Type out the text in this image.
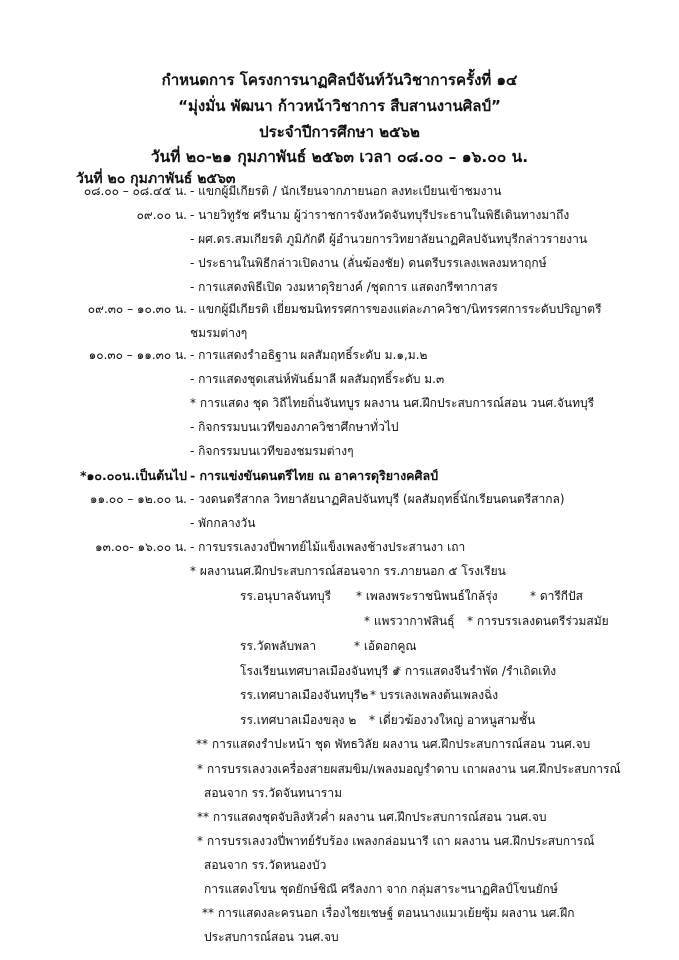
กำหนดการ โครงการนาฏศิลป์จันท์วันวิชาการครั้งที่ ๑๔
“มุ่งมั่น พัฒนา ก้าวหน้าวิชาการ สืบสานงานศิลป์”
ประจำปีการศึกษา ๒๕๖๒
วันที่ ๒๐-๒๑ กุมภาพันธ์ ๒๕๖๓ เวลา ๐๘.๐๐ – ๑๖.๐๐ น.
วันที่ ๒๐ กุมภาพันธ์ ๒๕๖๓
๐๘.๐๐ – ๐๘.๔๕ น. - แขกผู้มีเกียรติ / นักเรียนจากภายนอก ลงทะเบียนเข้าชมงาน
๐๙.๐๐ น. - นายวิทูรัช ศรีนาม ผู้ว่าราชการจังหวัดจันทบุรีประธานในพิธีเดินทางมาถึง
- ผศ.ดร.สมเกียรติ ภูมิภักดี ผู้อำนวยการวิทยาลัยนาฏศิลปจันทบุรีกล่าวรายงาน
- ประธานในพิธีกล่าวเปิดงาน (ลั่นฆ้องชัย) ดนตรีบรรเลงเพลงมหาฤกษ์
- การแสดงพิธีเปิด วงมหาดุริยางค์ /ชุดการ แสดงกรีฑากาสร
๐๙.๓๐ – ๑๐.๓๐ น. - แขกผู้มีเกียรติ เยี่ยมชมนิทรรศการของแต่ละภาควิชา/นิทรรศการระดับปริญาตรี
ชมรมต่างๆ
๑๐.๓๐ – ๑๑.๓๐ น. - การแสดงรำอธิฐาน ผลสัมฤทธิ์ระดับ ม.๑,ม.๒
- การแสดงชุดเสน่ห์พันธ์มาลี ผลสัมฤทธิ์ระดับ ม.๓
* การแสดง ชุด วิถีไทยถิ่นจันทบูร ผลงาน นศ.ฝึกประสบการณ์สอน วนศ.จันทบุรี
- กิจกรรมบนเวทีของภาควิชาศึกษาทั่วไป
- กิจกรรมบนเวทีของชมรมต่างๆ
*๑๐.๐๐น.เป็นต้นไป - การแข่งขันดนตรีไทย ณ อาคารดุริยางคศิลป์
๑๑.๐๐ – ๑๒.๐๐ น. - วงดนตรีสากล วิทยาลัยนาฏศิลปจันทบุรี (ผลสัมฤทธิ์นักเรียนดนตรีสากล)
- พักกลางวัน
๑๓.๐๐- ๑๖.๐๐ น. - การบรรเลงวงปี่พาทย์ไม้แข็งเพลงช้างประสานงา เถา
* ผลงานนศ.ฝึกประสบการณ์สอนจาก รร.ภายนอก ๕ โรงเรียน
รร.อนุบาลจันทบุรี * เพลงพระราชนิพนธ์ใกล้รุ่ง	* ดารีกีปัส
* แพรวากาฬสินธุ์ * การบรรเลงดนตรีร่วมสมัย
รร.วัดพลับพลา	* เอ้ดอกคูณ
โรงเรียนเทศบาลเมืองจันทบุรี ๑
* การแสดงจีนรำพัด /รำเถิดเทิง
รร.เทศบาลเมืองจันทบุรี๒ * บรรเลงเพลงต้นเพลงฉิ่ง
รร.เทศบาลเมืองขลุง ๒ * เดี่ยวฆ้องวงใหญ่ อาหนูสามชั้น
** การแสดงรำปะหน้า ชุด พัทธวิลัย ผลงาน นศ.ฝึกประสบการณ์สอน วนศ.จบ
* การบรรเลงวงเครื่องสายผสมขิม/เพลงมอญรำดาบ เถาผลงาน นศ.ฝึกประสบการณ์
สอนจาก รร.วัดจันทนาราม
** การแสดงชุดจับลิงหัวค่ำ ผลงาน นศ.ฝึกประสบการณ์สอน วนศ.จบ
* การบรรเลงวงปี่พาทย์รับร้อง เพลงกล่อมนารี เถา ผลงาน นศ.ฝึกประสบการณ์
สอนจาก รร.วัดหนองบัว
การแสดงโขน ชุดยักษ์ชิณี ศรีลงกา จาก กลุ่มสาระฯนาฏศิลป์โขนยักษ์
** การแสดงละครนอก เรื่องไชยเชษฐ์ ตอนนางแมวเย้ยซุ้ม ผลงาน นศ.ฝึก
ประสบการณ์สอน วนศ.จบ
